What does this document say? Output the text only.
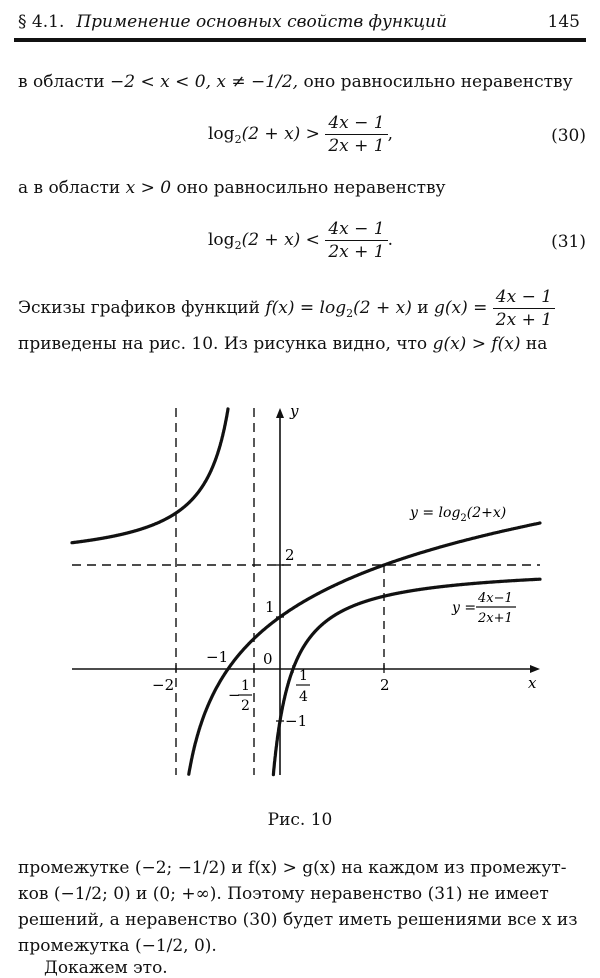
§ 4.1. Применение основных свойств функций	145
в области −2 < x < 0, x ≠ −1/2, оно равносильно неравенству
$\log_2(2 + x) > \frac{4x - 1}{2x + 1}$ ,	(30)
а в области x > 0 оно равносильно неравенству
$\log_2(2 + x) < \frac{4x - 1}{2x + 1}$ .	(31)
Эскизы графиков функций $f(x) = \log_2(2 + x)$ и $g(x) = \frac{4x - 1}{2x + 1}$
приведены на рис. 10. Из рисунка видно, что g(x) > f(x) на
y
x
−2
−1 0
2
− 1
2
1
4
1
2
−1
$y = \log_2(2+x)$
y =
4x−1
2x+1
Рис. 10
промежутке (−2; −1/2) и f(x) > g(x) на каждом из промежут-
ков (−1/2; 0) и (0; +∞). Поэтому неравенство (31) не имеет
решений, а неравенство (30) будет иметь решениями все x из
промежутка (−1/2, 0).
Докажем это.
